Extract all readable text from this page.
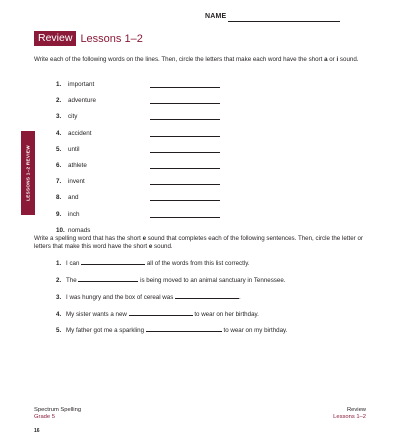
NAME
Review Lessons 1–2
Write each of the following words on the lines. Then, circle the letters that make each word have the short a or i sound.
LESSONS 1–2 REVIEW
1. important
2. adventure
3. city
4. accident
5. until
6. athlete
7. invent
8. and
9. inch
10. nomads
Write a spelling word that has the short e sound that completes each of the following sentences. Then, circle the letter or letters that make this word have the short e sound.
1. I can	all of the words from this list correctly.
2. The	is being moved to an animal sanctuary in Tennessee.
3. I was hungry and the box of cereal was	.
4. My sister wants a new	to wear on her birthday.
5. My father got me a sparkling	to wear on my birthday.
Spectrum Spelling
Grade 5
Review
Lessons 1–2
16
